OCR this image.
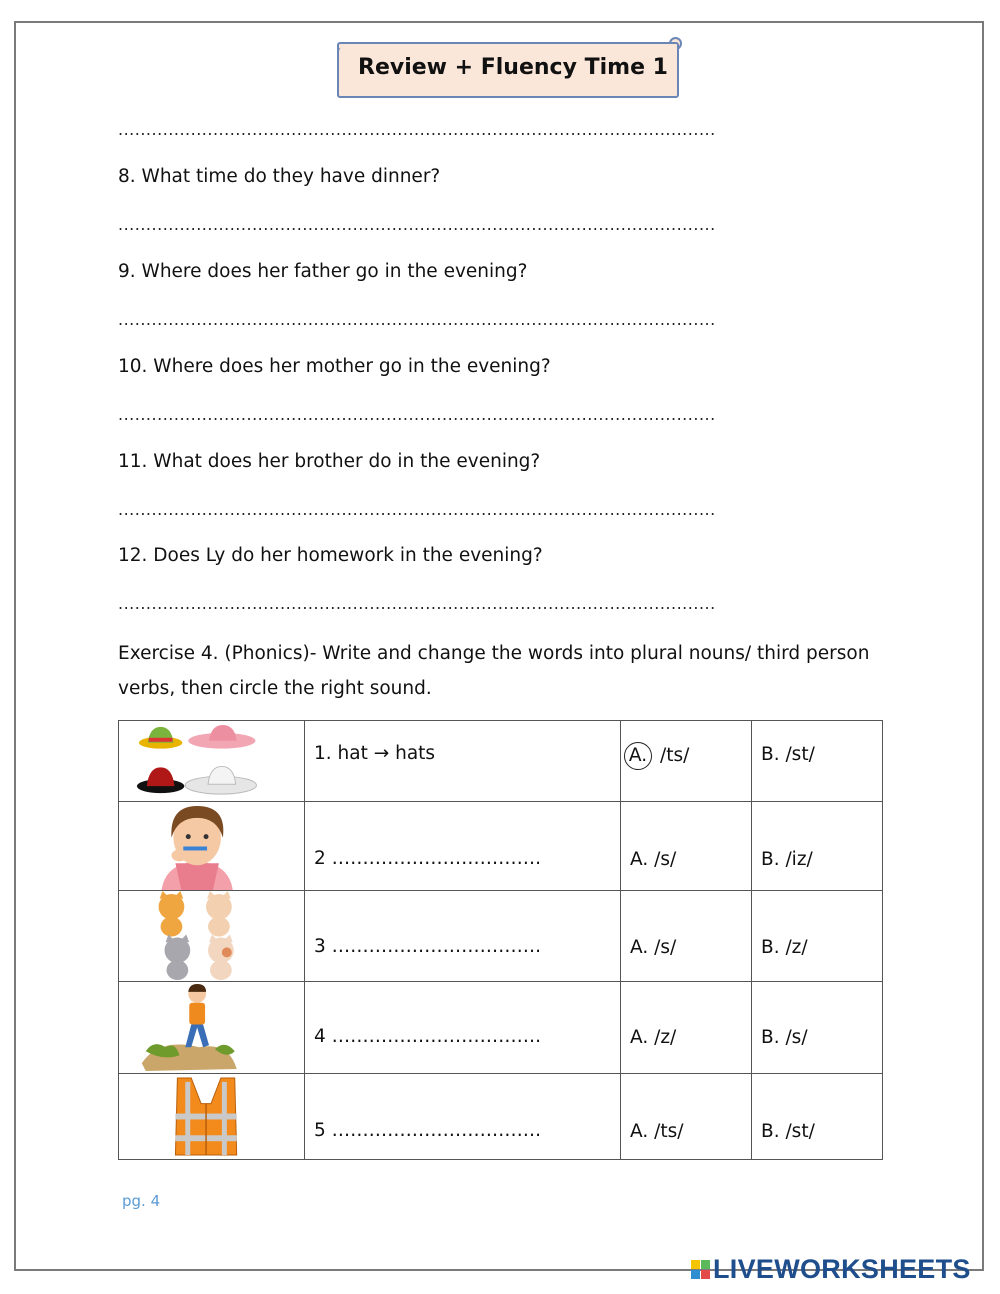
Review + Fluency Time 1
...........................................................................................................
8. What time do they have dinner?
...........................................................................................................
9. Where does her father go in the evening?
...........................................................................................................
10. Where does her mother go in the evening?
...........................................................................................................
11. What does her brother do in the evening?
...........................................................................................................
12. Does Ly do her homework in the evening?
...........................................................................................................
Exercise 4. (Phonics)- Write and change the words into plural nouns/ third person verbs, then circle the right sound.

1. hat → hats	A. /ts/	B. /st/

2 …………………………….	A. /s/	B. /iz/

3 …………………………….	A. /s/	B. /z/

4 …………………………….	A. /z/	B. /s/

5 …………………………….	A. /ts/	B. /st/
pg. 4
LIVEWORKSHEETS
